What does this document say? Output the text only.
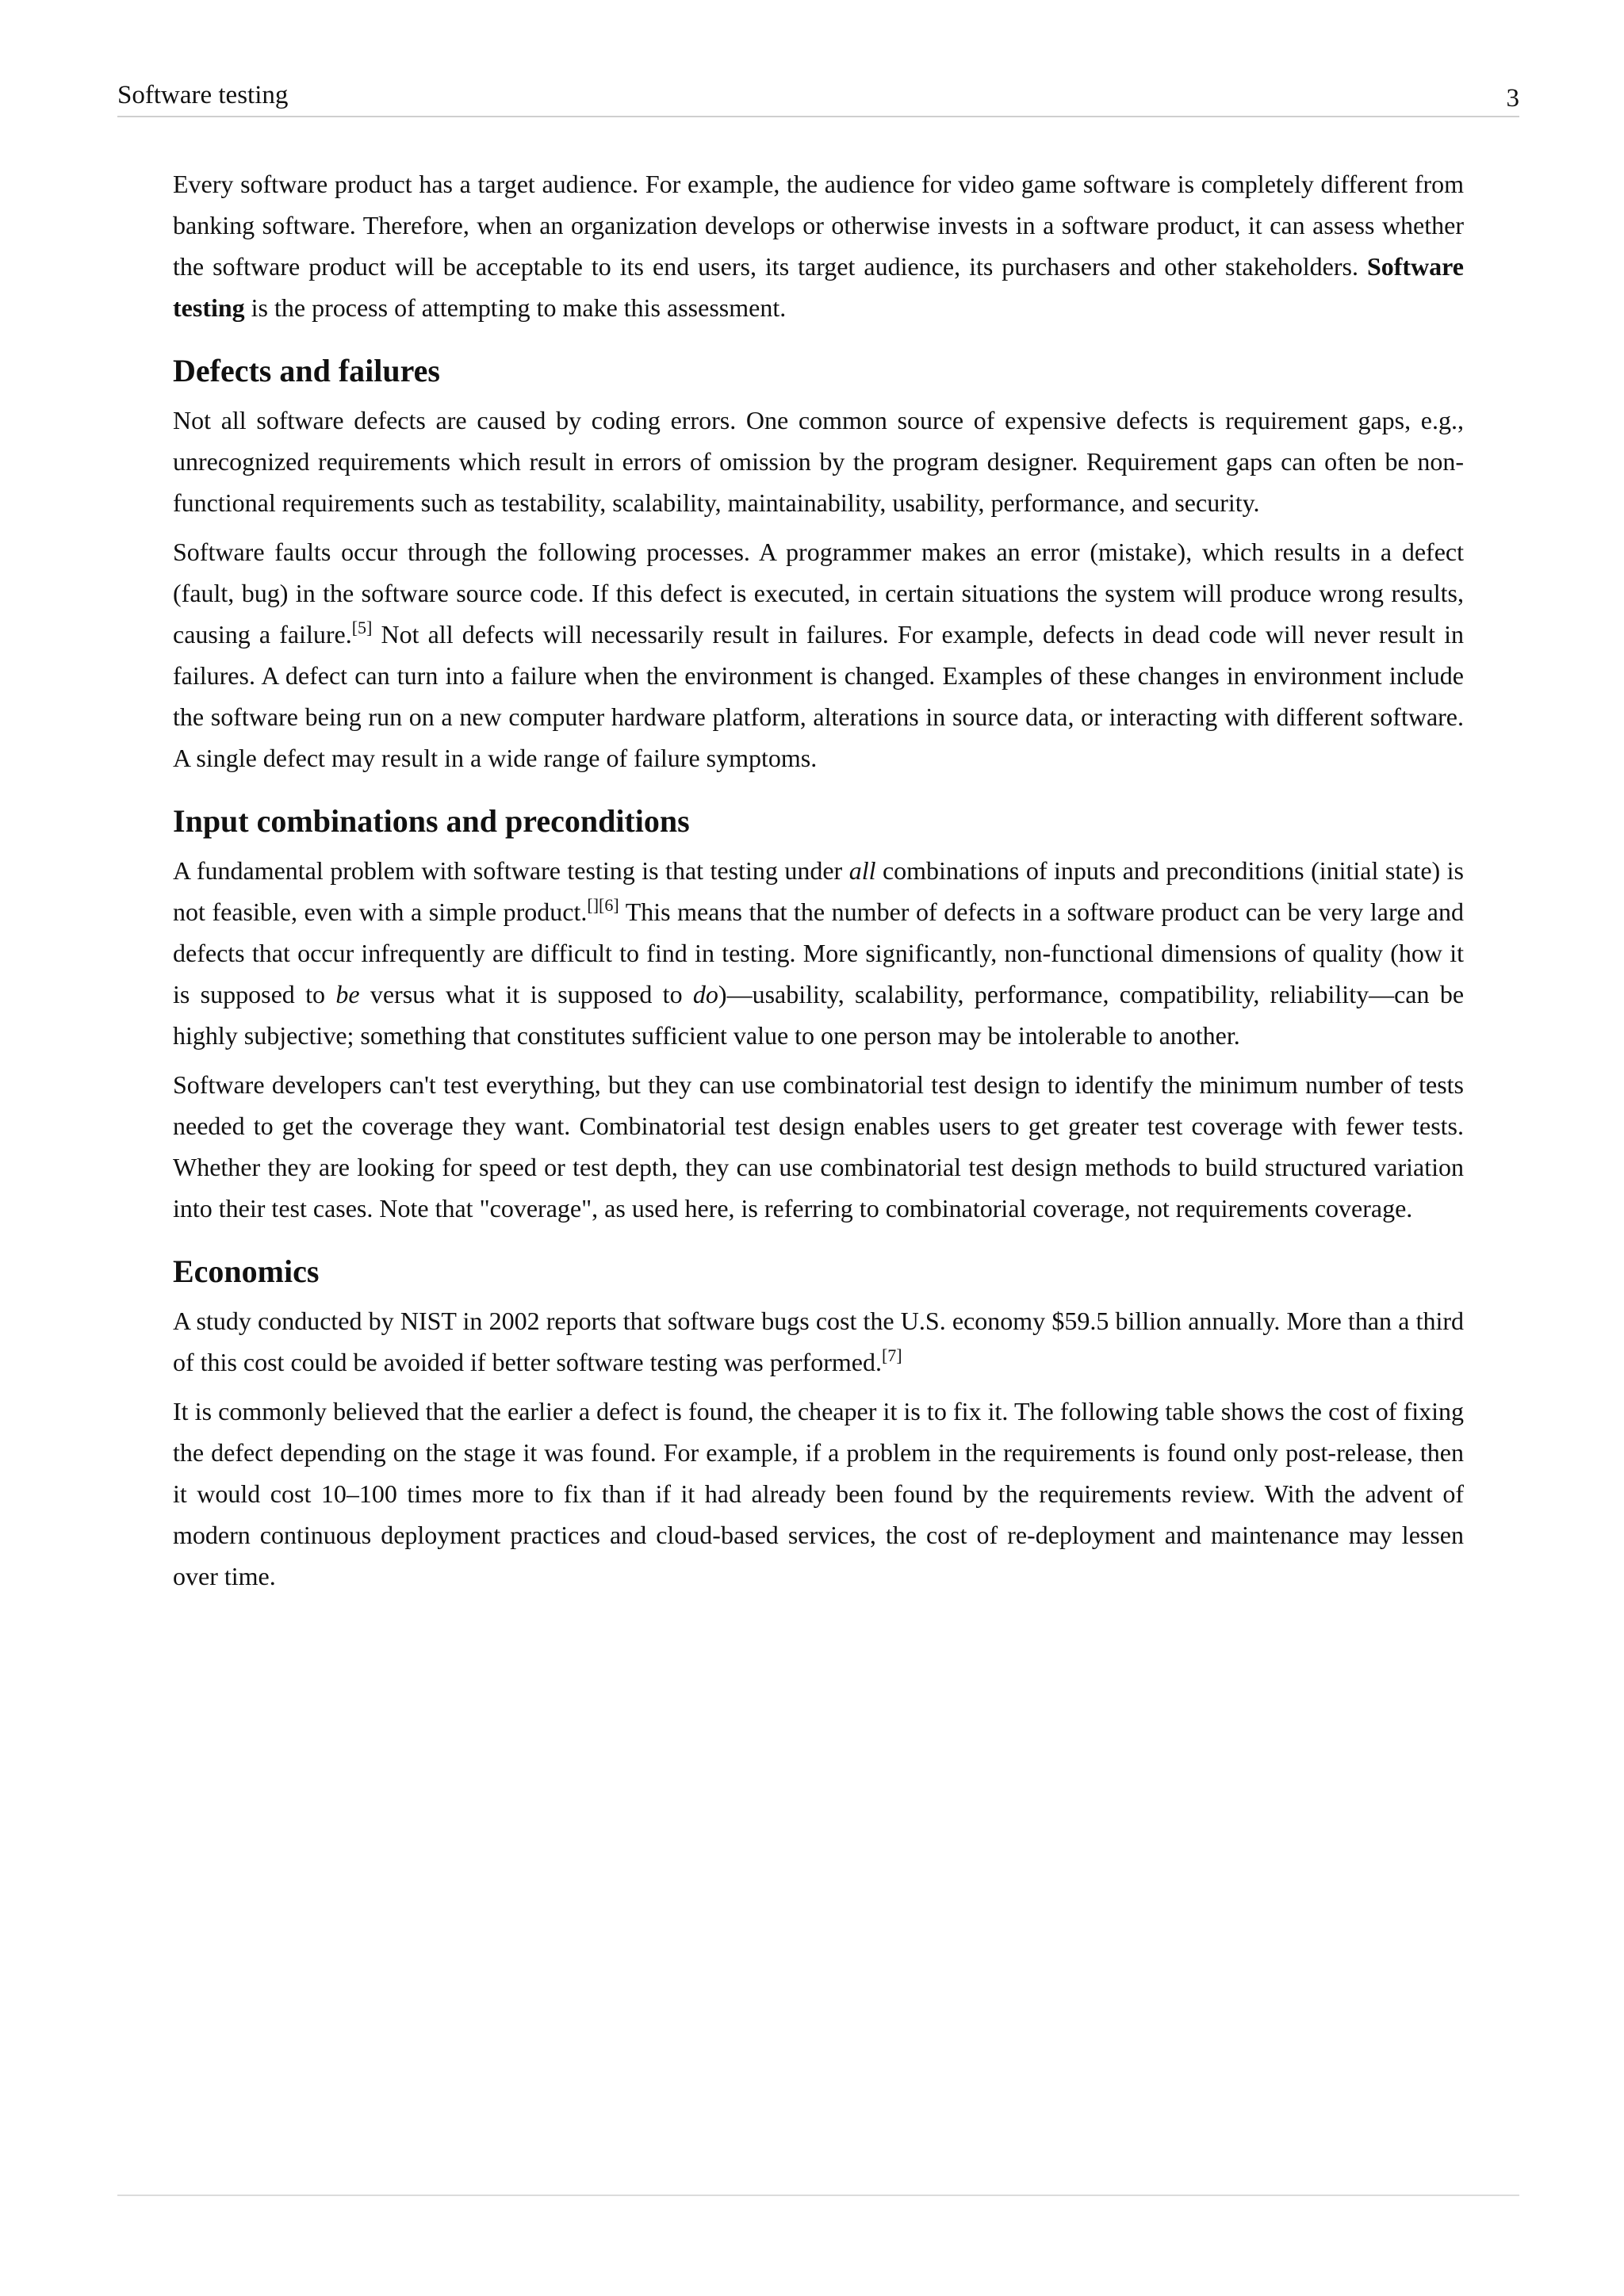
Software testing	3

Every software product has a target audience. For example, the audience for video game software is completely different from banking software. Therefore, when an organization develops or otherwise invests in a software product, it can assess whether the software product will be acceptable to its end users, its target audience, its purchasers and other stakeholders. Software testing is the process of attempting to make this assessment.

Defects and failures

Not all software defects are caused by coding errors. One common source of expensive defects is requirement gaps, e.g., unrecognized requirements which result in errors of omission by the program designer. Requirement gaps can often be non-functional requirements such as testability, scalability, maintainability, usability, performance, and security.

Software faults occur through the following processes. A programmer makes an error (mistake), which results in a defect (fault, bug) in the software source code. If this defect is executed, in certain situations the system will produce wrong results, causing a failure.[5] Not all defects will necessarily result in failures. For example, defects in dead code will never result in failures. A defect can turn into a failure when the environment is changed. Examples of these changes in environment include the software being run on a new computer hardware platform, alterations in source data, or interacting with different software. A single defect may result in a wide range of failure symptoms.

Input combinations and preconditions

A fundamental problem with software testing is that testing under all combinations of inputs and preconditions (initial state) is not feasible, even with a simple product.[][6] This means that the number of defects in a software product can be very large and defects that occur infrequently are difficult to find in testing. More significantly, non-functional dimensions of quality (how it is supposed to be versus what it is supposed to do)—usability, scalability, performance, compatibility, reliability—can be highly subjective; something that constitutes sufficient value to one person may be intolerable to another.

Software developers can't test everything, but they can use combinatorial test design to identify the minimum number of tests needed to get the coverage they want. Combinatorial test design enables users to get greater test coverage with fewer tests. Whether they are looking for speed or test depth, they can use combinatorial test design methods to build structured variation into their test cases. Note that "coverage", as used here, is referring to combinatorial coverage, not requirements coverage.

Economics

A study conducted by NIST in 2002 reports that software bugs cost the U.S. economy $59.5 billion annually. More than a third of this cost could be avoided if better software testing was performed.[7]

It is commonly believed that the earlier a defect is found, the cheaper it is to fix it. The following table shows the cost of fixing the defect depending on the stage it was found. For example, if a problem in the requirements is found only post-release, then it would cost 10–100 times more to fix than if it had already been found by the requirements review. With the advent of modern continuous deployment practices and cloud-based services, the cost of re-deployment and maintenance may lessen over time.
